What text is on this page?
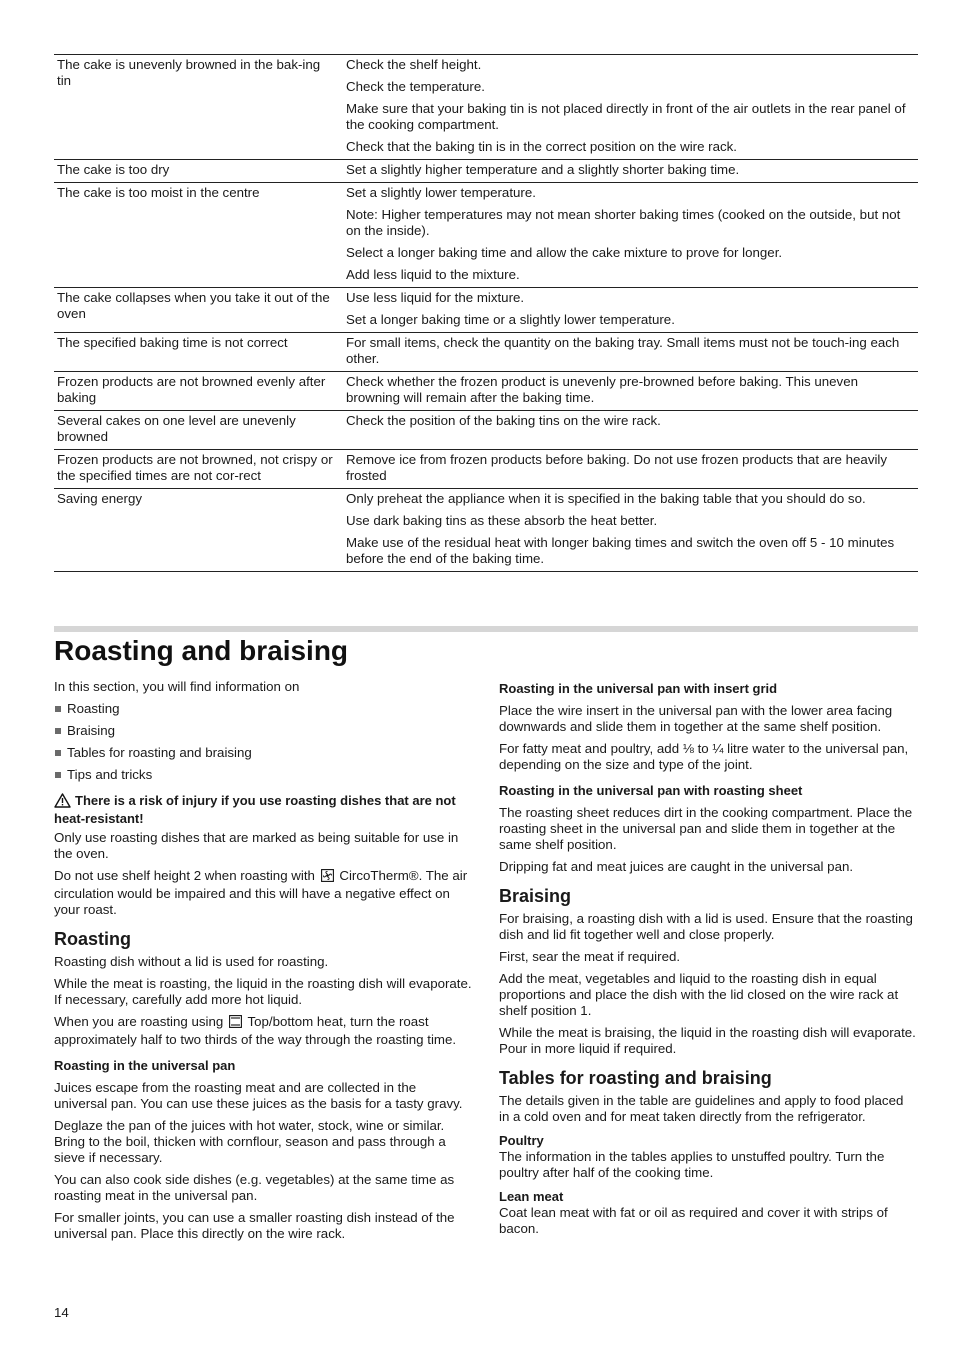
The cake is unevenly browned in the bak-ing tin	Check the shelf height.

Check the temperature.

Make sure that your baking tin is not placed directly in front of the air outlets in the rear panel of the cooking compartment.

Check that the baking tin is in the correct position on the wire rack.

The cake is too dry	Set a slightly higher temperature and a slightly shorter baking time.

The cake is too moist in the centre	Set a slightly lower temperature.

Note: Higher temperatures may not mean shorter baking times (cooked on the outside, but not on the inside).

Select a longer baking time and allow the cake mixture to prove for longer.

Add less liquid to the mixture.

The cake collapses when you take it out of the oven	Use less liquid for the mixture.

Set a longer baking time or a slightly lower temperature.

The specified baking time is not correct	For small items, check the quantity on the baking tray. Small items must not be touch-ing each other.

Frozen products are not browned evenly after baking	Check whether the frozen product is unevenly pre-browned before baking. This uneven browning will remain after the baking time.

Several cakes on one level are unevenly browned	Check the position of the baking tins on the wire rack.

Frozen products are not browned, not crispy or the specified times are not cor-rect	Remove ice from frozen products before baking. Do not use frozen products that are heavily frosted

Saving energy	Only preheat the appliance when it is specified in the baking table that you should do so.

Use dark baking tins as these absorb the heat better.

Make use of the residual heat with longer baking times and switch the oven off 5 - 10 minutes before the end of the baking time.

Roasting and braising

In this section, you will find information on

Roasting
Braising
Tables for roasting and braising
Tips and tricks
There is a risk of injury if you use roasting dishes that are not heat-resistant!

Only use roasting dishes that are marked as being suitable for use in the oven.

Do not use shelf height 2 when roasting with CircoTherm®. The air circulation would be impaired and this will have a negative effect on your roast.

Roasting

Roasting dish without a lid is used for roasting.

While the meat is roasting, the liquid in the roasting dish will evaporate. If necessary, carefully add more hot liquid.

When you are roasting using Top/bottom heat, turn the roast approximately half to two thirds of the way through the roasting time.

Roasting in the universal pan

Juices escape from the roasting meat and are collected in the universal pan. You can use these juices as the basis for a tasty gravy.

Deglaze the pan of the juices with hot water, stock, wine or similar. Bring to the boil, thicken with cornflour, season and pass through a sieve if necessary.

You can also cook side dishes (e.g. vegetables) at the same time as roasting meat in the universal pan.

For smaller joints, you can use a smaller roasting dish instead of the universal pan. Place this directly on the wire rack.

Roasting in the universal pan with insert grid

Place the wire insert in the universal pan with the lower area facing downwards and slide them in together at the same shelf position.

For fatty meat and poultry, add ⅛ to ¼ litre water to the universal pan, depending on the size and type of the joint.

Roasting in the universal pan with roasting sheet

The roasting sheet reduces dirt in the cooking compartment. Place the roasting sheet in the universal pan and slide them in together at the same shelf position.

Dripping fat and meat juices are caught in the universal pan.

Braising

For braising, a roasting dish with a lid is used. Ensure that the roasting dish and lid fit together well and close properly.

First, sear the meat if required.

Add the meat, vegetables and liquid to the roasting dish in equal proportions and place the dish with the lid closed on the wire rack at shelf position 1.

While the meat is braising, the liquid in the roasting dish will evaporate. Pour in more liquid if required.

Tables for roasting and braising

The details given in the table are guidelines and apply to food placed in a cold oven and for meat taken directly from the refrigerator.

Poultry

The information in the tables applies to unstuffed poultry. Turn the poultry after half of the cooking time.

Lean meat

Coat lean meat with fat or oil as required and cover it with strips of bacon.

14
